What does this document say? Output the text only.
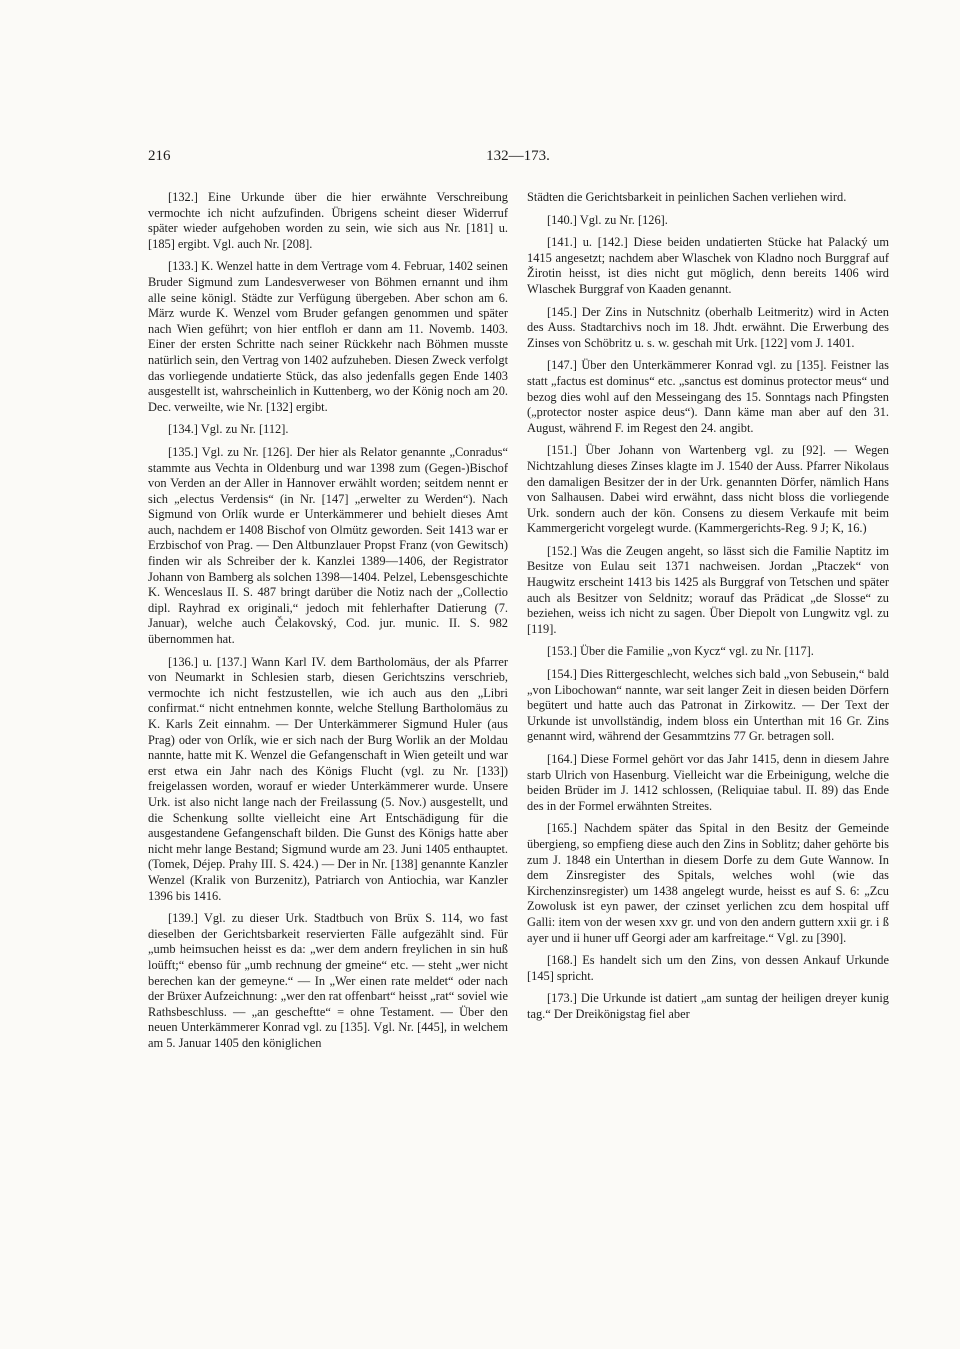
216	132—173.

[132.] Eine Urkunde über die hier erwähnte Verschreibung vermochte ich nicht aufzufinden. Übrigens scheint dieser Widerruf später wieder aufgehoben worden zu sein, wie sich aus Nr. [181] u. [185] ergibt. Vgl. auch Nr. [208].

[133.] K. Wenzel hatte in dem Vertrage vom 4. Februar, 1402 seinen Bruder Sigmund zum Landesverweser von Böhmen ernannt und ihm alle seine königl. Städte zur Verfügung übergeben. Aber schon am 6. März wurde K. Wenzel vom Bruder gefangen genommen und später nach Wien geführt; von hier entfloh er dann am 11. Novemb. 1403. Einer der ersten Schritte nach seiner Rückkehr nach Böhmen musste natürlich sein, den Vertrag von 1402 aufzuheben. Diesen Zweck verfolgt das vorliegende undatierte Stück, das also jedenfalls gegen Ende 1403 ausgestellt ist, wahrscheinlich in Kuttenberg, wo der König noch am 20. Dec. verweilte, wie Nr. [132] ergibt.

[134.] Vgl. zu Nr. [112].

[135.] Vgl. zu Nr. [126]. Der hier als Relator genannte „Conradus“ stammte aus Vechta in Oldenburg und war 1398 zum (Gegen-)Bischof von Verden an der Aller in Hannover erwählt worden; seitdem nennt er sich „electus Verdensis“ (in Nr. [147] „erwelter zu Werden“). Nach Sigmund von Orlík wurde er Unterkämmerer und behielt dieses Amt auch, nachdem er 1408 Bischof von Olmütz geworden. Seit 1413 war er Erzbischof von Prag. — Den Altbunzlauer Propst Franz (von Gewitsch) finden wir als Schreiber der k. Kanzlei 1389—1406, der Registrator Johann von Bamberg als solchen 1398—1404. Pelzel, Lebensgeschichte K. Wenceslaus II. S. 487 bringt darüber die Notiz nach der „Collectio dipl. Rayhrad ex originali,“ jedoch mit fehlerhafter Datierung (7. Januar), welche auch Čelakovský, Cod. jur. munic. II. S. 982 übernommen hat.

[136.] u. [137.] Wann Karl IV. dem Bartholomäus, der als Pfarrer von Neumarkt in Schlesien starb, diesen Gerichtszins verschrieb, vermochte ich nicht festzustellen, wie ich auch aus den „Libri confirmat.“ nicht entnehmen konnte, welche Stellung Bartholomäus zu K. Karls Zeit einnahm. — Der Unterkämmerer Sigmund Huler (aus Prag) oder von Orlík, wie er sich nach der Burg Worlik an der Moldau nannte, hatte mit K. Wenzel die Gefangenschaft in Wien geteilt und war erst etwa ein Jahr nach des Königs Flucht (vgl. zu Nr. [133]) freigelassen worden, worauf er wieder Unterkämmerer wurde. Unsere Urk. ist also nicht lange nach der Freilassung (5. Nov.) ausgestellt, und die Schenkung sollte vielleicht eine Art Entschädigung für die ausgestandene Gefangenschaft bilden. Die Gunst des Königs hatte aber nicht mehr lange Bestand; Sigmund wurde am 23. Juni 1405 enthauptet. (Tomek, Déjep. Prahy III. S. 424.) — Der in Nr. [138] genannte Kanzler Wenzel (Kralik von Burzenitz), Patriarch von Antiochia, war Kanzler 1396 bis 1416.

[139.] Vgl. zu dieser Urk. Stadtbuch von Brüx S. 114, wo fast dieselben der Gerichtsbarkeit reservierten Fälle aufgezählt sind. Für „umb heimsuchen heisst es da: „wer dem andern freylichen in sin huß loüfft;“ ebenso für „umb rechnung der gmeine“ etc. — steht „wer nicht berechen kan der gemeyne.“ — In „Wer einen rate meldet“ oder nach der Brüxer Aufzeichnung: „wer den rat offenbart“ heisst „rat“ soviel wie Rathsbeschluss. — „an gescheftte“ = ohne Testament. — Über den neuen Unterkämmerer Konrad vgl. zu [135]. Vgl. Nr. [445], in welchem am 5. Januar 1405 den königlichen

Städten die Gerichtsbarkeit in peinlichen Sachen verliehen wird.

[140.] Vgl. zu Nr. [126].

[141.] u. [142.] Diese beiden undatierten Stücke hat Palacký um 1415 angesetzt; nachdem aber Wlaschek von Kladno noch Burggraf auf Žirotin heisst, ist dies nicht gut möglich, denn bereits 1406 wird Wlaschek Burggraf von Kaaden genannt.

[145.] Der Zins in Nutschnitz (oberhalb Leitmeritz) wird in Acten des Auss. Stadtarchivs noch im 18. Jhdt. erwähnt. Die Erwerbung des Zinses von Schöbritz u. s. w. geschah mit Urk. [122] vom J. 1401.

[147.] Über den Unterkämmerer Konrad vgl. zu [135]. Feistner las statt „factus est dominus“ etc. „sanctus est dominus protector meus“ und bezog dies wohl auf den Messeingang des 15. Sonntags nach Pfingsten („protector noster aspice deus“). Dann käme man aber auf den 31. August, während F. im Regest den 24. angibt.

[151.] Über Johann von Wartenberg vgl. zu [92]. — Wegen Nichtzahlung dieses Zinses klagte im J. 1540 der Auss. Pfarrer Nikolaus den damaligen Besitzer der in der Urk. genannten Dörfer, nämlich Hans von Salhausen. Dabei wird erwähnt, dass nicht bloss die vorliegende Urk. sondern auch der kön. Consens zu diesem Verkaufe mit beim Kammergericht vorgelegt wurde. (Kammergerichts-Reg. 9 J; K, 16.)

[152.] Was die Zeugen angeht, so lässt sich die Familie Naptitz im Besitze von Eulau seit 1371 nachweisen. Jordan „Ptaczek“ von Haugwitz erscheint 1413 bis 1425 als Burggraf von Tetschen und später auch als Besitzer von Seldnitz; worauf das Prädicat „de Slosse“ zu beziehen, weiss ich nicht zu sagen. Über Diepolt von Lungwitz vgl. zu [119].

[153.] Über die Familie „von Kycz“ vgl. zu Nr. [117].

[154.] Dies Rittergeschlecht, welches sich bald „von Sebusein,“ bald „von Libochowan“ nannte, war seit langer Zeit in diesen beiden Dörfern begütert und hatte auch das Patronat in Zirkowitz. — Der Text der Urkunde ist unvollständig, indem bloss ein Unterthan mit 16 Gr. Zins genannt wird, während der Gesammtzins 77 Gr. betragen soll.

[164.] Diese Formel gehört vor das Jahr 1415, denn in diesem Jahre starb Ulrich von Hasenburg. Vielleicht war die Erbeinigung, welche die beiden Brüder im J. 1412 schlossen, (Reliquiae tabul. II. 89) das Ende des in der Formel erwähnten Streites.

[165.] Nachdem später das Spital in den Besitz der Gemeinde übergieng, so empfieng diese auch den Zins in Soblitz; daher gehörte bis zum J. 1848 ein Unterthan in diesem Dorfe zu dem Gute Wannow. In dem Zinsregister des Spitals, welches wohl (wie das Kirchenzinsregister) um 1438 angelegt wurde, heisst es auf S. 6: „Zcu Zowolusk ist eyn pawer, der czinset yerlichen zcu dem hospital uff Galli: item von der wesen xxv gr. und von den andern guttern xxii gr. i ß ayer und ii huner uff Georgi ader am karfreitage.“ Vgl. zu [390].

[168.] Es handelt sich um den Zins, von dessen Ankauf Urkunde [145] spricht.

[173.] Die Urkunde ist datiert „am suntag der heiligen dreyer kunig tag.“ Der Dreikönigstag fiel aber
